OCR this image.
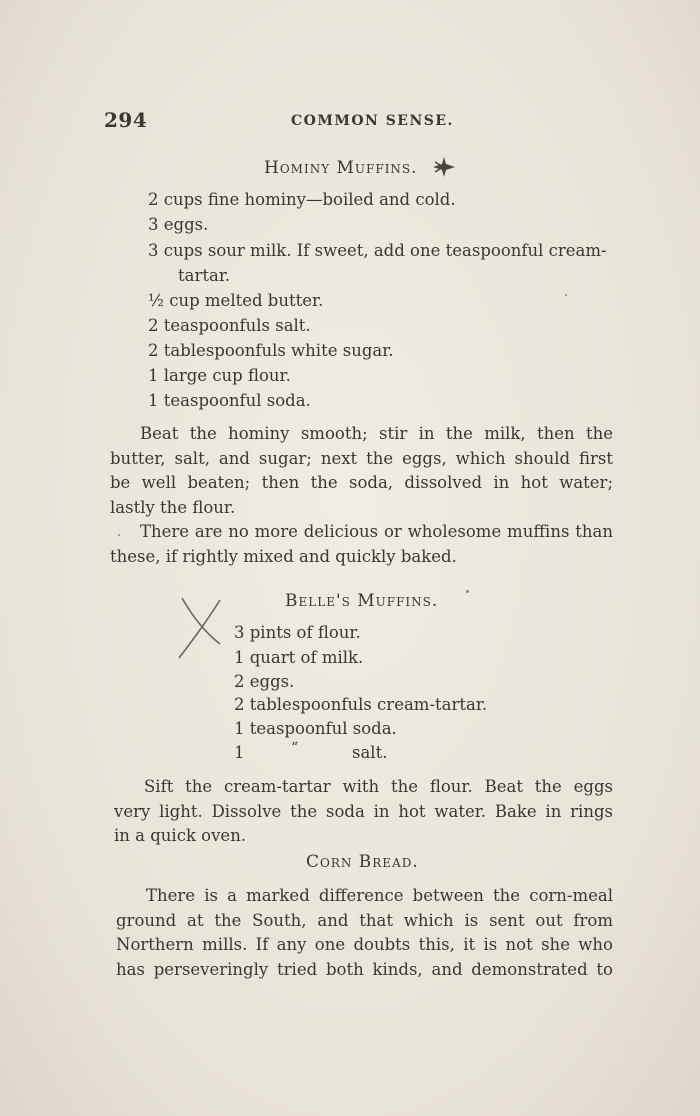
294	COMMON SENSE.
Hominy Muffins.
2 cups fine hominy—boiled and cold.
3 eggs.
3 cups sour milk. If sweet, add one teaspoonful cream-
tartar.
½ cup melted butter.
2 teaspoonfuls salt.
2 tablespoonfuls white sugar.
1 large cup flour.
1 teaspoonful soda.
Beat the hominy smooth; stir in the milk, then the
butter, salt, and sugar; next the eggs, which should first
be well beaten; then the soda, dissolved in hot water;
lastly the flour.
There are no more delicious or wholesome muffins than
these, if rightly mixed and quickly baked.
Belle's Muffins.
3 pints of flour.
1 quart of milk.
2 eggs.
2 tablespoonfuls cream-tartar.
1 teaspoonful soda.
1	“	salt.
Sift the cream-tartar with the flour. Beat the eggs
very light. Dissolve the soda in hot water. Bake in rings
in a quick oven.
Corn Bread.
There is a marked difference between the corn-meal
ground at the South, and that which is sent out from
Northern mills. If any one doubts this, it is not she who
has perseveringly tried both kinds, and demonstrated to
